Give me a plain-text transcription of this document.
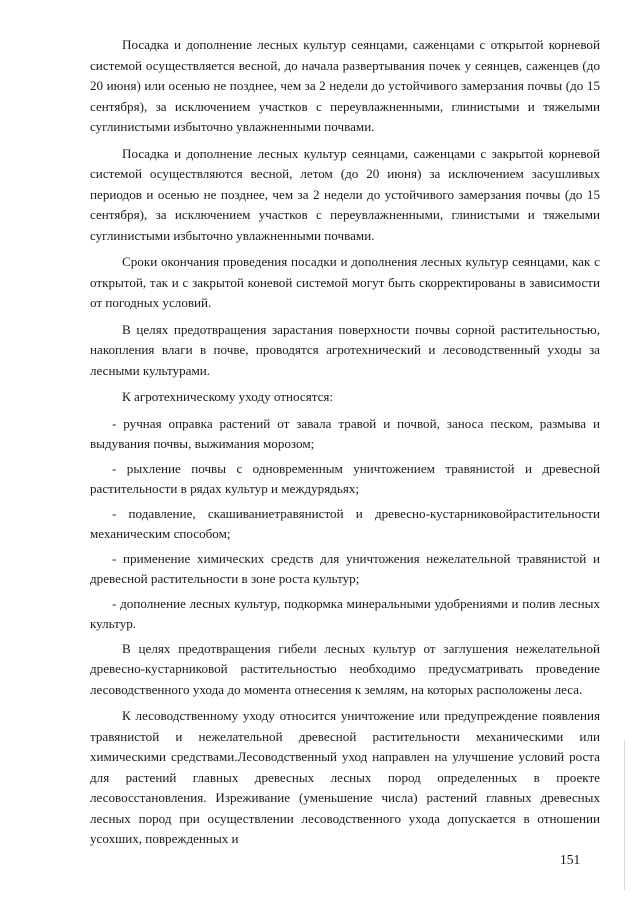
Посадка и дополнение лесных культур сеянцами, саженцами с открытой корневой системой осуществляется весной, до начала развертывания почек у сеянцев, саженцев (до 20 июня) или осенью не позднее, чем за 2 недели до устойчивого замерзания почвы (до 15 сентября), за исключением участков с переувлажненными, глинистыми и тяжелыми суглинистыми избыточно увлажненными почвами.

Посадка и дополнение лесных культур сеянцами, саженцами с закрытой корневой системой осуществляются весной, летом (до 20 июня) за исключением засушливых периодов и осенью не позднее, чем за 2 недели до устойчивого замерзания почвы (до 15 сентября), за исключением участков с переувлажненными, глинистыми и тяжелыми суглинистыми избыточно увлажненными почвами.

Сроки окончания проведения посадки и дополнения лесных культур сеянцами, как с открытой, так и с закрытой коневой системой могут быть скорректированы в зависимости от погодных условий.

В целях предотвращения зарастания поверхности почвы сорной растительностью, накопления влаги в почве, проводятся агротехнический и лесоводственный уходы за лесными культурами.

К агротехническому уходу относятся:

- ручная оправка растений от завала травой и почвой, заноса песком, размыва и выдувания почвы, выжимания морозом;

- рыхление почвы с одновременным уничтожением травянистой и древесной растительности в рядах культур и междурядьях;

- подавление, скашиваниетравянистой и древесно-кустарниковойрастительности механическим способом;

- применение химических средств для уничтожения нежелательной травянистой и древесной растительности в зоне роста культур;

- дополнение лесных культур, подкормка минеральными удобрениями и полив лесных культур.

В целях предотвращения гибели лесных культур от заглушения нежелательной древесно-кустарниковой растительностью необходимо предусматривать проведение лесоводственного ухода до момента отнесения к землям, на которых расположены леса.

К лесоводственному уходу относится уничтожение или предупреждение появления травянистой и нежелательной древесной растительности механическими или химическими средствами.Лесоводственный уход направлен на улучшение условий роста для растений главных древесных лесных пород определенных в проекте лесовосстановления. Изреживание (уменьшение числа) растений главных древесных лесных пород при осуществлении лесоводственного ухода допускается в отношении усохших, поврежденных и

151
